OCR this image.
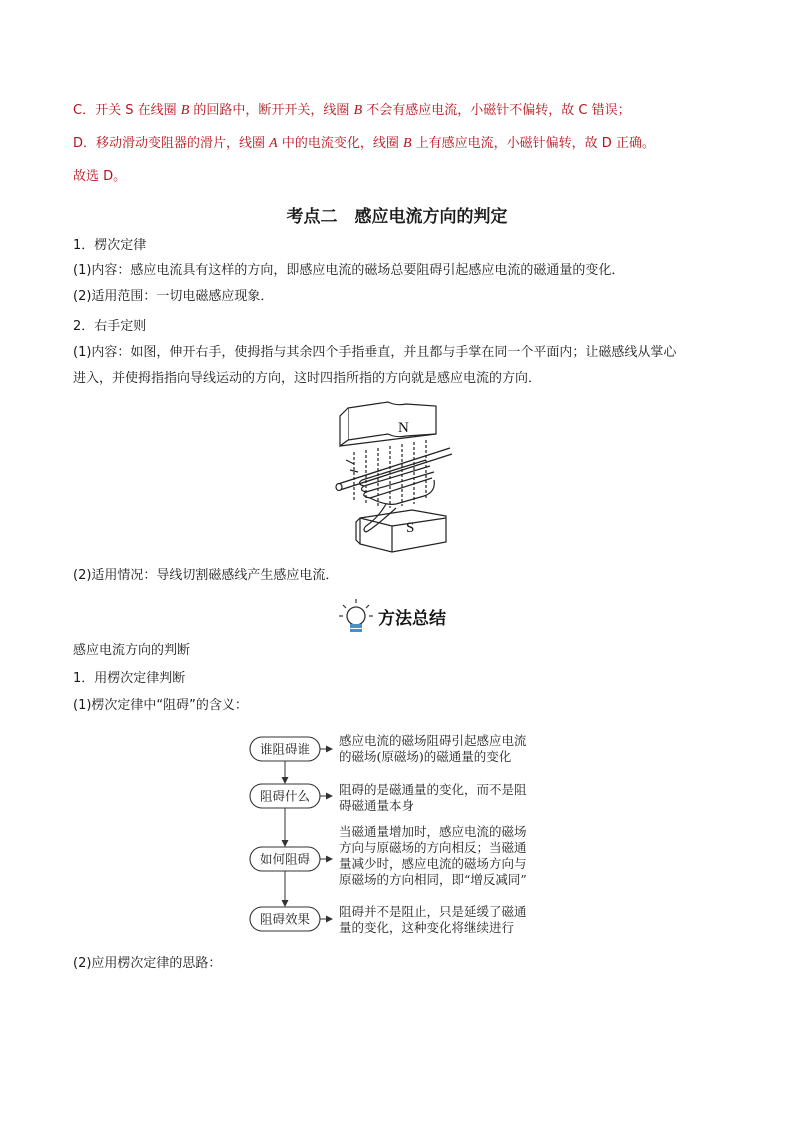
C．开关 S 在线圈 B 的回路中，断开开关，线圈 B 不会有感应电流，小磁针不偏转，故 C 错误；
D．移动滑动变阻器的滑片，线圈 A 中的电流变化，线圈 B 上有感应电流，小磁针偏转，故 D 正确。
故选 D。
考点二　感应电流方向的判定
1．楞次定律
(1)内容：感应电流具有这样的方向，即感应电流的磁场总要阻碍引起感应电流的磁通量的变化．
(2)适用范围：一切电磁感应现象．
2．右手定则
(1)内容：如图，伸开右手，使拇指与其余四个手指垂直，并且都与手掌在同一个平面内；让磁感线从掌心
进入，并使拇指指向导线运动的方向，这时四指所指的方向就是感应电流的方向．
N
S
(2)适用情况：导线切割磁感线产生感应电流．
方法总结
感应电流方向的判断
1．用楞次定律判断
(1)楞次定律中“阻碍”的含义：
谁阻碍谁
阻碍什么
如何阻碍
阻碍效果
感应电流的磁场阻碍引起感应电流
的磁场(原磁场)的磁通量的变化
阻碍的是磁通量的变化，而不是阻
碍磁通量本身
当磁通量增加时，感应电流的磁场
方向与原磁场的方向相反；当磁通
量减少时，感应电流的磁场方向与
原磁场的方向相同，即“增反减同”
阻碍并不是阻止，只是延缓了磁通
量的变化，这种变化将继续进行
(2)应用楞次定律的思路：
